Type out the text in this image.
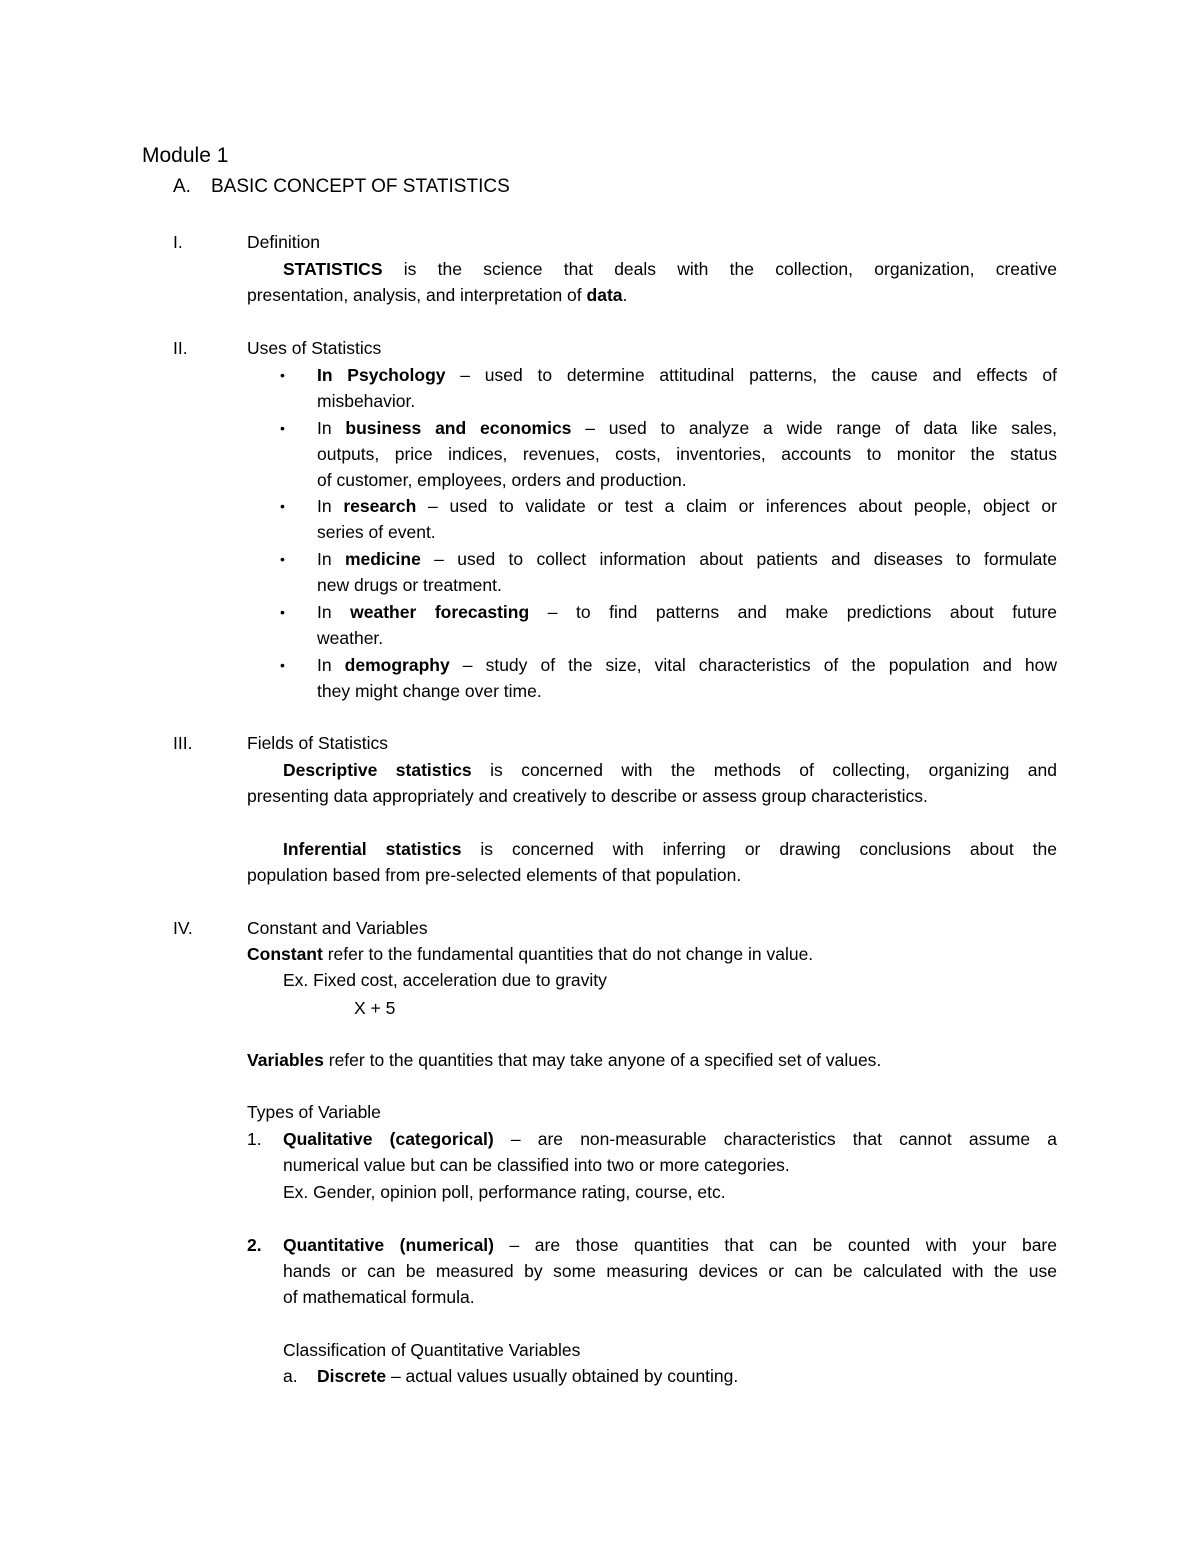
Module 1
A. BASIC CONCEPT OF STATISTICS
I.	Definition
STATISTICS is the science that deals with the collection, organization, creative
presentation, analysis, and interpretation of data.
II.	Uses of Statistics
• In Psychology – used to determine attitudinal patterns, the cause and effects of
misbehavior.
• In business and economics – used to analyze a wide range of data like sales,
outputs, price indices, revenues, costs, inventories, accounts to monitor the status
of customer, employees, orders and production.
• In research – used to validate or test a claim or inferences about people, object or
series of event.
• In medicine – used to collect information about patients and diseases to formulate
new drugs or treatment.
• In weather forecasting – to find patterns and make predictions about future
weather.
• In demography – study of the size, vital characteristics of the population and how
they might change over time.
III.	Fields of Statistics
Descriptive statistics is concerned with the methods of collecting, organizing and
presenting data appropriately and creatively to describe or assess group characteristics.
Inferential statistics is concerned with inferring or drawing conclusions about the
population based from pre-selected elements of that population.
IV.	Constant and Variables
Constant refer to the fundamental quantities that do not change in value.
Ex. Fixed cost, acceleration due to gravity
X + 5
Variables refer to the quantities that may take anyone of a specified set of values.
Types of Variable
1. Qualitative (categorical) – are non-measurable characteristics that cannot assume a
numerical value but can be classified into two or more categories.
Ex. Gender, opinion poll, performance rating, course, etc.
2. Quantitative (numerical) – are those quantities that can be counted with your bare
hands or can be measured by some measuring devices or can be calculated with the use
of mathematical formula.
Classification of Quantitative Variables
a. Discrete – actual values usually obtained by counting.
